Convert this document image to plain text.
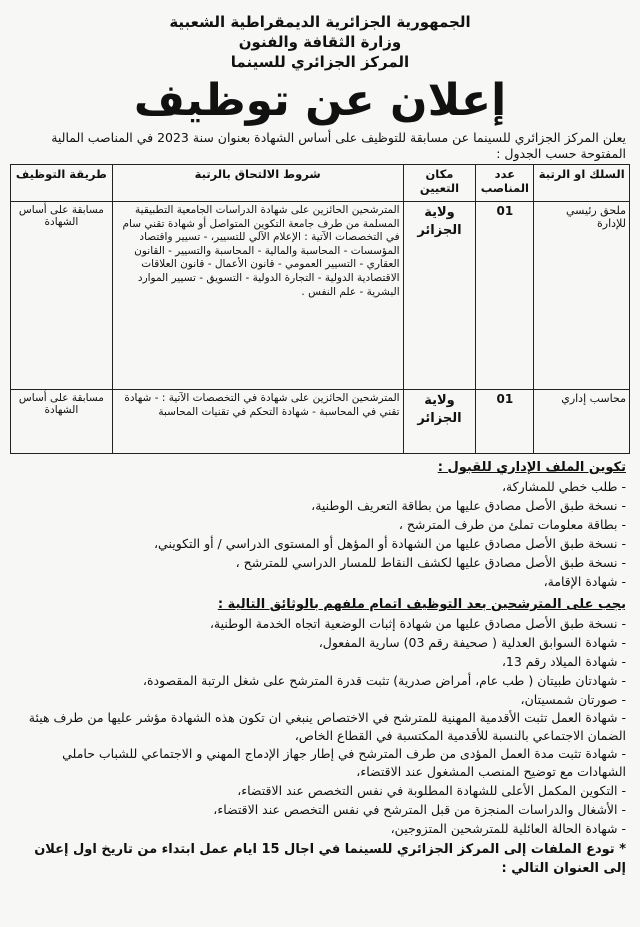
الجمهورية الجزائرية الديمقراطية الشعبية
وزارة الثقافة والفنون
المركز الجزائري للسينما
إعلان عن توظيف
يعلن المركز الجزائري للسينما عن مسابقة للتوظيف على أساس الشهادة بعنوان سنة 2023 في المناصب المالية المفتوحة حسب الجدول :
السلك او الرتبة	عدد المناصب	مكان التعيين	شروط الالتحاق بالرتبة	طريقة التوظيف
ملحق رئيسي للإدارة	01	ولاية الجزائر	المترشحين الحائزين على شهادة الدراسات الجامعية التطبيقية المسلمة من طرف جامعة التكوين المتواصل أو شهادة تقني سام في التخصصات الآتية : الإعلام الآلي للتسيير، - تسيير واقتصاد المؤسسات - المحاسبة والمالية - المحاسبة والتسيير - القانون العقاري - التسيير العمومي - قانون الأعمال - قانون العلاقات الاقتصادية الدولية - التجارة الدولية - التسويق - تسيير الموارد البشرية - علم النفس .	مسابقة على أساس الشهادة
محاسب إداري	01	ولاية الجزائر	المترشحين الحائزين على شهادة في التخصصات الآتية : - شهادة تقني في المحاسبة - شهادة التحكم في تقنيات المحاسبة	مسابقة على أساس الشهادة
تكوين الملف الإداري للقبول :
- طلب خطي للمشاركة،
- نسخة طبق الأصل مصادق عليها من بطاقة التعريف الوطنية،
- بطاقة معلومات تملئ من طرف المترشح ،
- نسخة طبق الأصل مصادق عليها من الشهادة أو المؤهل أو المستوى الدراسي / أو التكويني،
- نسخة طبق الأصل مصادق عليها لكشف النقاط للمسار الدراسي للمترشح ،
- شهادة الإقامة،
يجب على المترشحين بعد التوظيف اتمام ملفهم بالوثائق التالية :
- نسخة طبق الأصل مصادق عليها من شهادة إثبات الوضعية اتجاه الخدمة الوطنية،
- شهادة السوابق العدلية ( صحيفة رقم 03) سارية المفعول،
- شهادة الميلاد رقم 13،
- شهادتان طبيتان ( طب عام، أمراض صدرية) تثبت قدرة المترشح على شغل الرتبة المقصودة،
- صورتان شمسيتان،
- شهادة العمل تثبت الأقدمية المهنية للمترشح في الاختصاص ينبغي ان تكون هذه الشهادة مؤشر عليها من طرف هيئة الضمان الاجتماعي بالنسبة للأقدمية المكتسبة في القطاع الخاص،
- شهادة تثبت مدة العمل المؤدى من طرف المترشح في إطار جهاز الإدماج المهني و الاجتماعي للشباب حاملي الشهادات مع توضيح المنصب المشغول عند الاقتضاء،
- التكوين المكمل الأعلى للشهادة المطلوبة في نفس التخصص عند الاقتضاء،
- الأشغال والدراسات المنجزة من قبل المترشح في نفس التخصص عند الاقتضاء،
- شهادة الحالة العائلية للمترشحين المتزوجين،
* تودع الملفات إلى المركز الجزائري للسينما في اجال 15 ايام عمل ابتداء من تاريخ اول إعلان إلى العنوان التالي :
